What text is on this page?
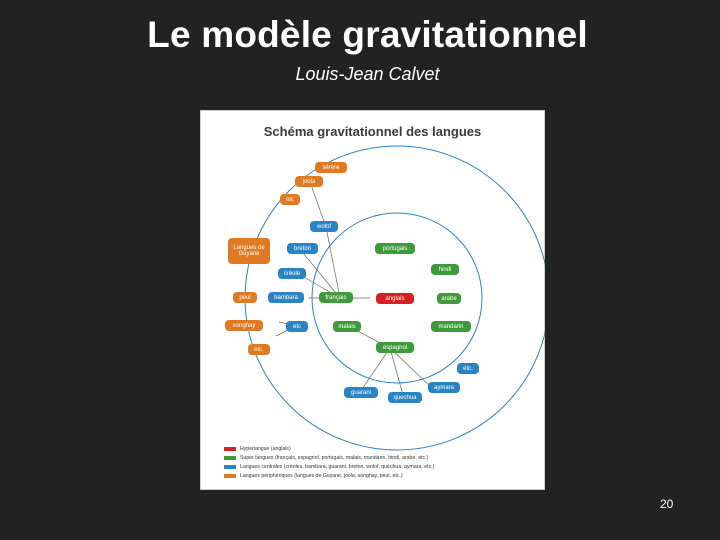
Le modèle gravitationnel
Louis-Jean Calvet
Schéma gravitationnel des langues
anglais
français
espagnol
portugais
hindi
arabe
malais	mandarin
wolof
breton
créole
bambara
etc
etc.
aymara
guarani
quechua
sérère
joola
etc
Langues de Guyane
peul
songhay
etc.
Hyperlangue (anglais)
Super langues (français, espagnol, portugais, malais, mandarin, hindi, arabe, etc.)
Langues centrales (créoles, bambara, guarani, breton, wolof, quéchua, aymara, etc.)
Langues périphériques (langues de Guyane, joola, songhay, peul, etc.)
20
